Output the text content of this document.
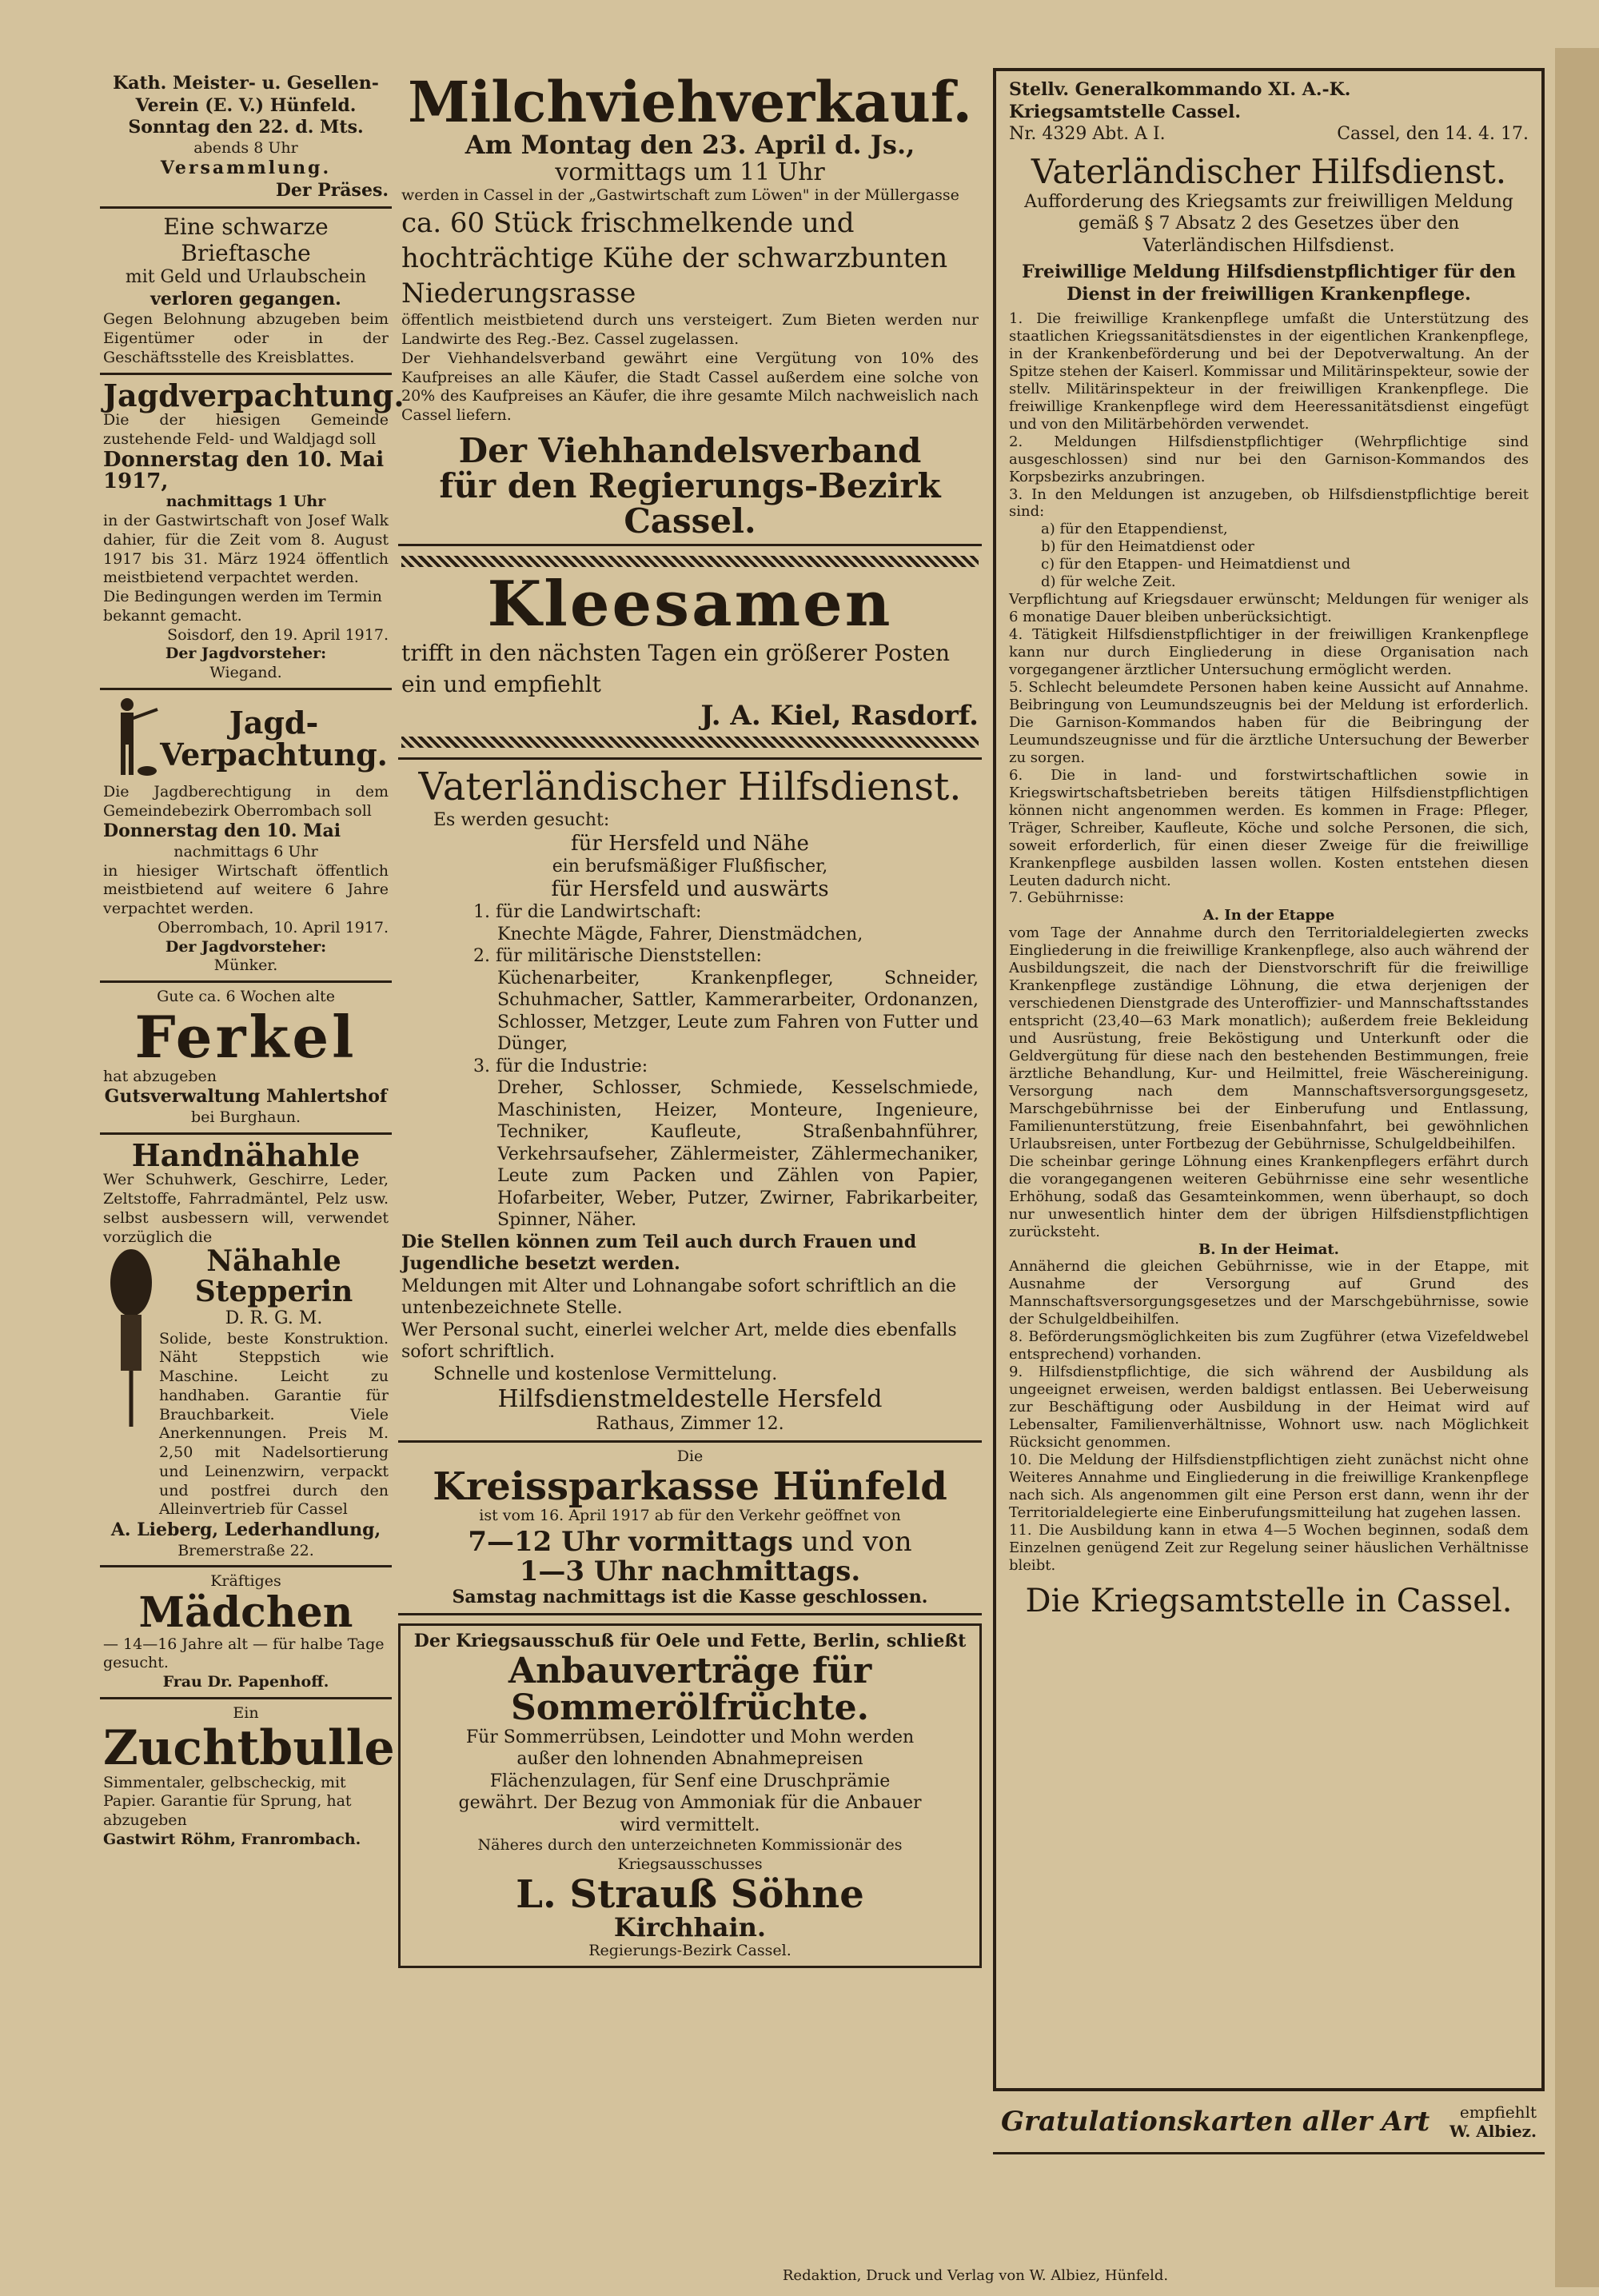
Kath. Meister- u. Gesellen-Verein (E. V.) Hünfeld.

Sonntag den 22. d. Mts.

abends 8 Uhr

Versammlung.

Der Präses.

Eine schwarze Brieftasche

mit Geld und Urlaubschein

verloren gegangen.

Gegen Belohnung abzugeben beim Eigentümer oder in der Geschäftsstelle des Kreisblattes.

Jagdverpachtung.

Die der hiesigen Gemeinde zustehende Feld- und Waldjagd soll

Donnerstag den 10. Mai 1917,

nachmittags 1 Uhr

in der Gastwirtschaft von Josef Walk dahier, für die Zeit vom 8. August 1917 bis 31. März 1924 öffentlich meistbietend verpachtet werden.

Die Bedingungen werden im Termin bekannt gemacht.

Soisdorf, den 19. April 1917.

Der Jagdvorsteher:

Wiegand.

Jagd-

Verpachtung.

Die Jagdberechtigung in dem Gemeindebezirk Oberrombach soll

Donnerstag den 10. Mai

nachmittags 6 Uhr

in hiesiger Wirtschaft öffentlich meistbietend auf weitere 6 Jahre verpachtet werden.

Oberrombach, 10. April 1917.

Der Jagdvorsteher:

Münker.

Gute ca. 6 Wochen alte

Ferkel

hat abzugeben

Gutsverwaltung Mahlertshof

bei Burghaun.

Handnähahle

Wer Schuhwerk, Geschirre, Leder, Zeltstoffe, Fahrradmäntel, Pelz usw. selbst ausbessern will, verwendet vorzüglich die

Nähahle

Stepperin

D. R. G. M.

Solide, beste Konstruktion. Näht Steppstich wie Maschine. Leicht zu handhaben. Garantie für Brauchbarkeit. Viele Anerkennungen. Preis M. 2,50 mit Nadelsortierung und Leinenzwirn, verpackt und postfrei durch den Alleinvertrieb für Cassel

A. Lieberg, Lederhandlung,

Bremerstraße 22.

Kräftiges

Mädchen

— 14—16 Jahre alt — für halbe Tage gesucht.

Frau Dr. Papenhoff.

Ein

Zuchtbulle

Simmentaler, gelbscheckig, mit Papier. Garantie für Sprung, hat abzugeben

Gastwirt Röhm, Franrombach.

Milchviehverkauf.

Am Montag den 23. April d. Js.,

vormittags um 11 Uhr

werden in Cassel in der „Gastwirtschaft zum Löwen" in der Müllergasse

ca. 60 Stück frischmelkende und hochträchtige Kühe der schwarzbunten Niederungsrasse

öffentlich meistbietend durch uns versteigert. Zum Bieten werden nur Landwirte des Reg.-Bez. Cassel zugelassen.

Der Viehhandelsverband gewährt eine Vergütung von 10% des Kaufpreises an alle Käufer, die Stadt Cassel außerdem eine solche von 20% des Kaufpreises an Käufer, die ihre gesamte Milch nachweislich nach Cassel liefern.

Der Viehhandelsverband

für den Regierungs-Bezirk Cassel.

Kleesamen

trifft in den nächsten Tagen ein größerer Posten ein und empfiehlt

J. A. Kiel, Rasdorf.

Vaterländischer Hilfsdienst.

Es werden gesucht:

für Hersfeld und Nähe

ein berufsmäßiger Flußfischer,

für Hersfeld und auswärts

1. für die Landwirtschaft:

Knechte Mägde, Fahrer, Dienstmädchen,

2. für militärische Dienststellen:

Küchenarbeiter, Krankenpfleger, Schneider, Schuhmacher, Sattler, Kammerarbeiter, Ordonanzen, Schlosser, Metzger, Leute zum Fahren von Futter und Dünger,

3. für die Industrie:

Dreher, Schlosser, Schmiede, Kesselschmiede, Maschinisten, Heizer, Monteure, Ingenieure, Techniker, Kaufleute, Straßenbahnführer, Verkehrsaufseher, Zählermeister, Zählermechaniker, Leute zum Packen und Zählen von Papier, Hofarbeiter, Weber, Putzer, Zwirner, Fabrikarbeiter, Spinner, Näher.

Die Stellen können zum Teil auch durch Frauen und Jugendliche besetzt werden.

Meldungen mit Alter und Lohnangabe sofort schriftlich an die untenbezeichnete Stelle.

Wer Personal sucht, einerlei welcher Art, melde dies ebenfalls sofort schriftlich.

Schnelle und kostenlose Vermittelung.

Hilfsdienstmeldestelle Hersfeld

Rathaus, Zimmer 12.

Die

Kreissparkasse Hünfeld

ist vom 16. April 1917 ab für den Verkehr geöffnet von

7—12 Uhr vormittags und von

1—3 Uhr nachmittags.

Samstag nachmittags ist die Kasse geschlossen.

Der Kriegsausschuß für Oele und Fette, Berlin, schließt

Anbauverträge für Sommerölfrüchte.

Für Sommerrübsen, Leindotter und Mohn werden außer den lohnenden Abnahmepreisen Flächenzulagen, für Senf eine Druschprämie gewährt. Der Bezug von Ammoniak für die Anbauer wird vermittelt.

Näheres durch den unterzeichneten Kommissionär des Kriegsausschusses

L. Strauß Söhne

Kirchhain.

Regierungs-Bezirk Cassel.

Stellv. Generalkommando XI. A.-K.

Kriegsamtstelle Cassel.

Nr. 4329 Abt. A I.	Cassel, den 14. 4. 17.

Vaterländischer Hilfsdienst.

Aufforderung des Kriegsamts zur freiwilligen Meldung gemäß § 7 Absatz 2 des Gesetzes über den Vaterländischen Hilfsdienst.

Freiwillige Meldung Hilfsdienstpflichtiger für den Dienst in der freiwilligen Krankenpflege.

1. Die freiwillige Krankenpflege umfaßt die Unterstützung des staatlichen Kriegssanitätsdienstes in der eigentlichen Krankenpflege, in der Krankenbeförderung und bei der Depotverwaltung. An der Spitze stehen der Kaiserl. Kommissar und Militärinspekteur, sowie der stellv. Militärinspekteur in der freiwilligen Krankenpflege. Die freiwillige Krankenpflege wird dem Heeressanitätsdienst eingefügt und von den Militärbehörden verwendet.

2. Meldungen Hilfsdienstpflichtiger (Wehrpflichtige sind ausgeschlossen) sind nur bei den Garnison-Kommandos des Korpsbezirks anzubringen.

3. In den Meldungen ist anzugeben, ob Hilfsdienstpflichtige bereit sind:

a) für den Etappendienst,

b) für den Heimatdienst oder

c) für den Etappen- und Heimatdienst und

d) für welche Zeit.

Verpflichtung auf Kriegsdauer erwünscht; Meldungen für weniger als 6 monatige Dauer bleiben unberücksichtigt.

4. Tätigkeit Hilfsdienstpflichtiger in der freiwilligen Krankenpflege kann nur durch Eingliederung in diese Organisation nach vorgegangener ärztlicher Untersuchung ermöglicht werden.

5. Schlecht beleumdete Personen haben keine Aussicht auf Annahme. Beibringung von Leumundszeugnis bei der Meldung ist erforderlich. Die Garnison-Kommandos haben für die Beibringung der Leumundszeugnisse und für die ärztliche Untersuchung der Bewerber zu sorgen.

6. Die in land- und forstwirtschaftlichen sowie in Kriegswirtschaftsbetrieben bereits tätigen Hilfsdienstpflichtigen können nicht angenommen werden. Es kommen in Frage: Pfleger, Träger, Schreiber, Kaufleute, Köche und solche Personen, die sich, soweit erforderlich, für einen dieser Zweige für die freiwillige Krankenpflege ausbilden lassen wollen. Kosten entstehen diesen Leuten dadurch nicht.

7. Gebührnisse:

A. In der Etappe

vom Tage der Annahme durch den Territorialdelegierten zwecks Eingliederung in die freiwillige Krankenpflege, also auch während der Ausbildungszeit, die nach der Dienstvorschrift für die freiwillige Krankenpflege zuständige Löhnung, die etwa derjenigen der verschiedenen Dienstgrade des Unteroffizier- und Mannschaftsstandes entspricht (23,40—63 Mark monatlich); außerdem freie Bekleidung und Ausrüstung, freie Beköstigung und Unterkunft oder die Geldvergütung für diese nach den bestehenden Bestimmungen, freie ärztliche Behandlung, Kur- und Heilmittel, freie Wäschereinigung. Versorgung nach dem Mannschaftsversorgungsgesetz, Marschgebührnisse bei der Einberufung und Entlassung, Familienunterstützung, freie Eisenbahnfahrt, bei gewöhnlichen Urlaubsreisen, unter Fortbezug der Gebührnisse, Schulgeldbeihilfen.

Die scheinbar geringe Löhnung eines Krankenpflegers erfährt durch die vorangegangenen weiteren Gebührnisse eine sehr wesentliche Erhöhung, sodaß das Gesamteinkommen, wenn überhaupt, so doch nur unwesentlich hinter dem der übrigen Hilfsdienstpflichtigen zurücksteht.

B. In der Heimat.

Annähernd die gleichen Gebührnisse, wie in der Etappe, mit Ausnahme der Versorgung auf Grund des Mannschaftsversorgungsgesetzes und der Marschgebührnisse, sowie der Schulgeldbeihilfen.

8. Beförderungsmöglichkeiten bis zum Zugführer (etwa Vizefeldwebel entsprechend) vorhanden.

9. Hilfsdienstpflichtige, die sich während der Ausbildung als ungeeignet erweisen, werden baldigst entlassen. Bei Ueberweisung zur Beschäftigung oder Ausbildung in der Heimat wird auf Lebensalter, Familienverhältnisse, Wohnort usw. nach Möglichkeit Rücksicht genommen.

10. Die Meldung der Hilfsdienstpflichtigen zieht zunächst nicht ohne Weiteres Annahme und Eingliederung in die freiwillige Krankenpflege nach sich. Als angenommen gilt eine Person erst dann, wenn ihr der Territorialdelegierte eine Einberufungsmitteilung hat zugehen lassen.

11. Die Ausbildung kann in etwa 4—5 Wochen beginnen, sodaß dem Einzelnen genügend Zeit zur Regelung seiner häuslichen Verhältnisse bleibt.

Die Kriegsamtstelle in Cassel.

Gratulationskarten aller Art	empfiehlt
W. Albiez.
Redaktion, Druck und Verlag von W. Albiez, Hünfeld.
